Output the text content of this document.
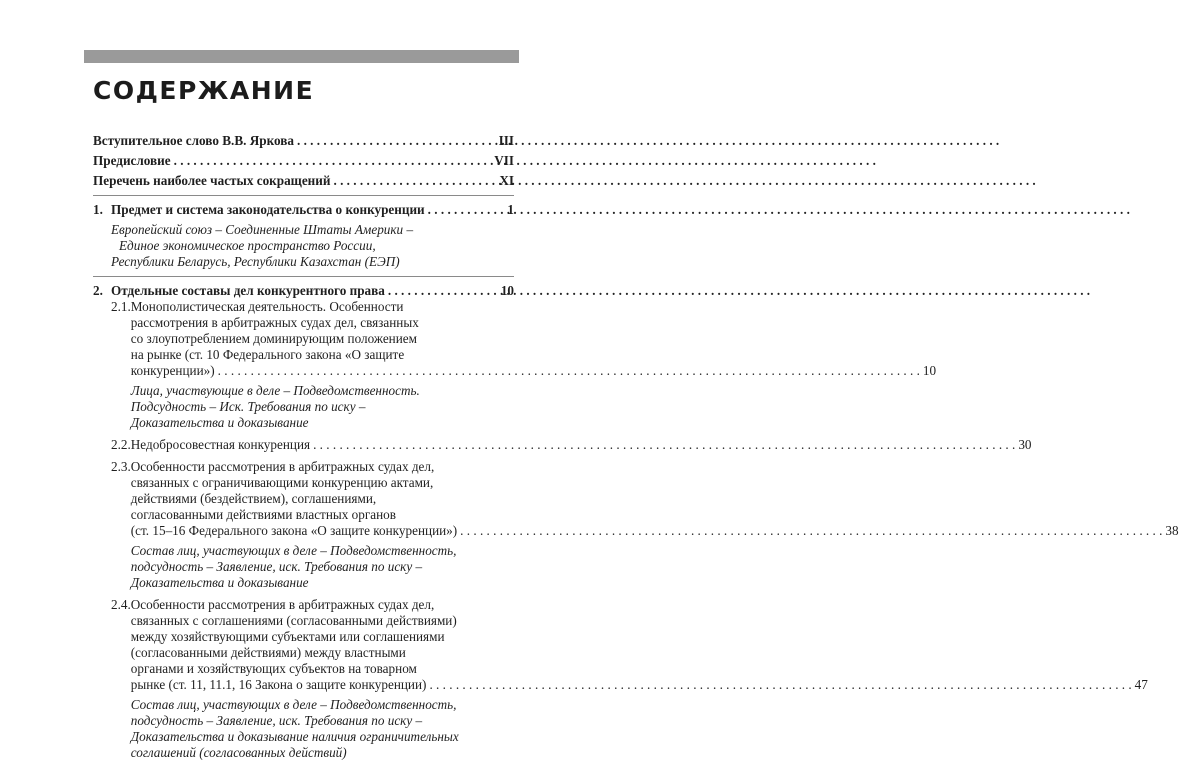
СОДЕРЖАНИЕ
Вступительное слово В.В. Яркова . . .	III
Предисловие . . .	VII
Перечень наиболее частых сокращений . . .	XI
1. Предмет и система законодательства о конкуренции . . .	1
Европейский союз – Соединенные Штаты Америки –
Единое экономическое пространство России,
Республики Беларусь, Республики Казахстан (ЕЭП)
2. Отдельные составы дел конкурентного права . . .	10
2.1. Монополистическая деятельность. Особенности
рассмотрения в арбитражных судах дел, связанных
со злоупотреблением доминирующим положением
на рынке (ст. 10 Федерального закона «О защите
конкуренции») . . .	10
Лица, участвующие в деле – Подведомственность.
Подсудность – Иск. Требования по иску –
Доказательства и доказывание
2.2. Недобросовестная конкуренция . . .	30
2.3. Особенности рассмотрения в арбитражных судах дел,
связанных с ограничивающими конкуренцию актами,
действиями (бездействием), соглашениями,
согласованными действиями властных органов
(ст. 15–16 Федерального закона «О защите конкуренции») . . .	38
Состав лиц, участвующих в деле – Подведомственность,
подсудность – Заявление, иск. Требования по иску –
Доказательства и доказывание
2.4. Особенности рассмотрения в арбитражных судах дел,
связанных с соглашениями (согласованными действиями)
между хозяйствующими субъектами или соглашениями
(согласованными действиями) между властными
органами и хозяйствующих субъектов на товарном
рынке (ст. 11, 11.1, 16 Закона о защите конкуренции) . . .	47
Состав лиц, участвующих в деле – Подведомственность,
подсудность – Заявление, иск. Требования по иску –
Доказательства и доказывание наличия ограничительных
соглашений (согласованных действий)
